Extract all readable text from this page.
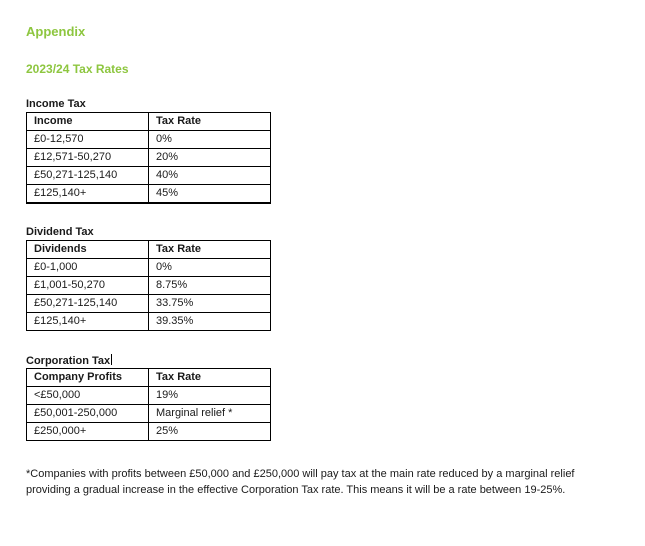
Appendix
2023/24 Tax Rates
Income Tax
Income	Tax Rate
£0-12,570	0%
£12,571-50,270	20%
£50,271-125,140	40%
£125,140+	45%
Dividend Tax
Dividends	Tax Rate
£0-1,000	0%
£1,001-50,270	8.75%
£50,271-125,140	33.75%
£125,140+	39.35%
Corporation Tax
Company Profits	Tax Rate
<£50,000	19%
£50,001-250,000	Marginal relief *
£250,000+	25%

*Companies with profits between £50,000 and £250,000 will pay tax at the main rate reduced by a marginal relief providing a gradual increase in the effective Corporation Tax rate. This means it will be a rate between 19-25%.
